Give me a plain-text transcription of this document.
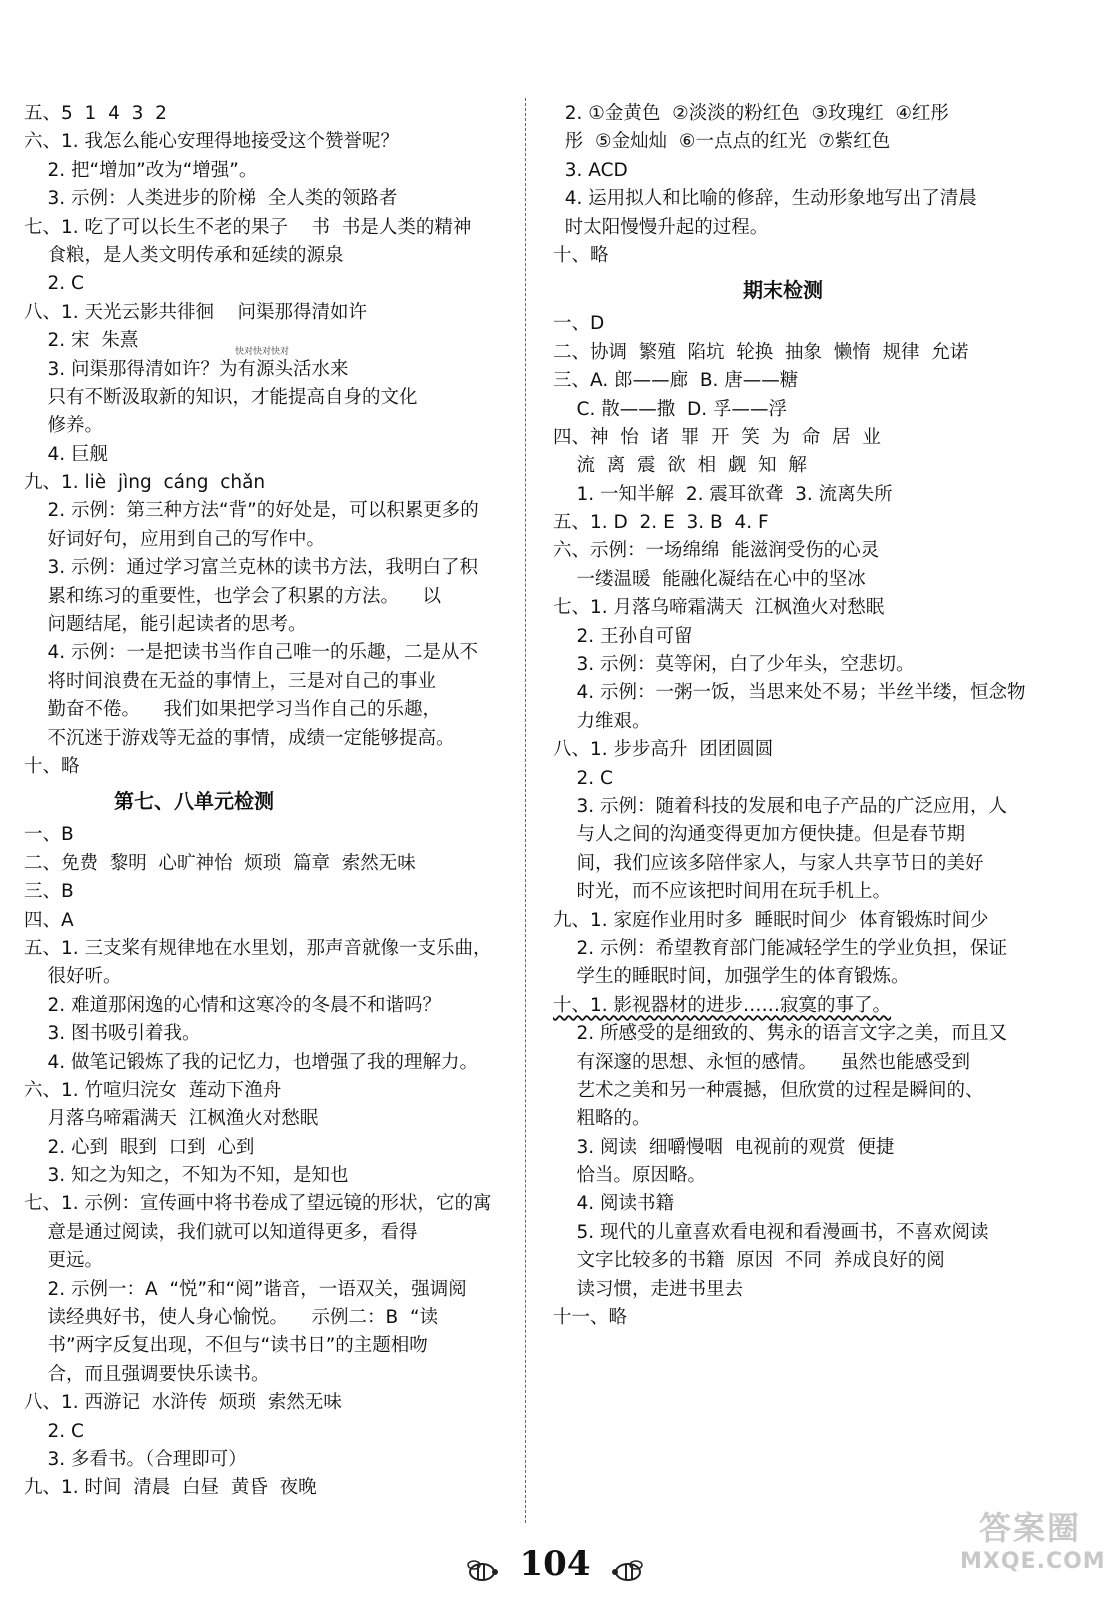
五、5  1  4  3  2
六、1. 我怎么能心安理得地接受这个赞誉呢？
2. 把“增加”改为“增强”。
3. 示例：人类进步的阶梯  全人类的领路者
七、1. 吃了可以长生不老的果子    书  书是人类的精神
食粮，是人类文明传承和延续的源泉
2. C
八、1. 天光云影共徘徊    问渠那得清如许
2. 宋  朱熹
3. 问渠那得清如许？为有源头活水来
只有不断汲取新的知识，才能提高自身的文化
修养。
4. 巨舰
九、1. liè  jìng  cáng  chǎn
2. 示例：第三种方法“背”的好处是，可以积累更多的
好词好句，应用到自己的写作中。
3. 示例：通过学习富兰克林的读书方法，我明白了积
累和练习的重要性，也学会了积累的方法。    以
问题结尾，能引起读者的思考。
4. 示例：一是把读书当作自己唯一的乐趣，二是从不
将时间浪费在无益的事情上，三是对自己的事业
勤奋不倦。    我们如果把学习当作自己的乐趣，
不沉迷于游戏等无益的事情，成绩一定能够提高。
十、略
第七、八单元检测
一、B
二、免费  黎明  心旷神怡  烦琐  篇章  索然无味
三、B
四、A
五、1. 三支桨有规律地在水里划，那声音就像一支乐曲，
很好听。
2. 难道那闲逸的心情和这寒冷的冬晨不和谐吗？
3. 图书吸引着我。
4. 做笔记锻炼了我的记忆力，也增强了我的理解力。
六、1. 竹喧归浣女  莲动下渔舟
月落乌啼霜满天  江枫渔火对愁眠
2. 心到  眼到  口到  心到
3. 知之为知之，不知为不知，是知也
七、1. 示例：宣传画中将书卷成了望远镜的形状，它的寓
意是通过阅读，我们就可以知道得更多，看得
更远。
2. 示例一：A  “悦”和“阅”谐音，一语双关，强调阅
读经典好书，使人身心愉悦。    示例二：B  “读
书”两字反复出现，不但与“读书日”的主题相吻
合，而且强调要快乐读书。
八、1. 西游记  水浒传  烦琐  索然无味
2. C
3. 多看书。（合理即可）
九、1. 时间  清晨  白昼  黄昏  夜晚
2. ①金黄色  ②淡淡的粉红色  ③玫瑰红  ④红彤
彤  ⑤金灿灿  ⑥一点点的红光  ⑦紫红色
3. ACD
4. 运用拟人和比喻的修辞，生动形象地写出了清晨
时太阳慢慢升起的过程。
十、略
期末检测
一、D
二、协调  繁殖  陷坑  轮换  抽象  懒惰  规律  允诺
三、A. 郎——廊  B. 唐——糖
C. 散——撒  D. 孚——浮
四、神  怡  诸  罪  开  笑  为  命  居  业
流  离  震  欲  相  觑  知  解
1. 一知半解  2. 震耳欲聋  3. 流离失所
五、1. D  2. E  3. B  4. F
六、示例：一场绵绵  能滋润受伤的心灵
一缕温暖  能融化凝结在心中的坚冰
七、1. 月落乌啼霜满天  江枫渔火对愁眠
2. 王孙自可留
3. 示例：莫等闲，白了少年头，空悲切。
4. 示例：一粥一饭，当思来处不易；半丝半缕，恒念物
力维艰。
八、1. 步步高升  团团圆圆
2. C
3. 示例：随着科技的发展和电子产品的广泛应用，人
与人之间的沟通变得更加方便快捷。但是春节期
间，我们应该多陪伴家人，与家人共享节日的美好
时光，而不应该把时间用在玩手机上。
九、1. 家庭作业用时多  睡眠时间少  体育锻炼时间少
2. 示例：希望教育部门能减轻学生的学业负担，保证
学生的睡眠时间，加强学生的体育锻炼。
十、1. 影视器材的进步……寂寞的事了。
2. 所感受的是细致的、隽永的语言文字之美，而且又
有深邃的思想、永恒的感情。    虽然也能感受到
艺术之美和另一种震撼，但欣赏的过程是瞬间的、
粗略的。
3. 阅读  细嚼慢咽  电视前的观赏  便捷
恰当。原因略。
4. 阅读书籍
5. 现代的儿童喜欢看电视和看漫画书，不喜欢阅读
文字比较多的书籍  原因  不同  养成良好的阅
读习惯，走进书里去
十一、略
快对快对快对
104
答案圈
MXQE.COM
